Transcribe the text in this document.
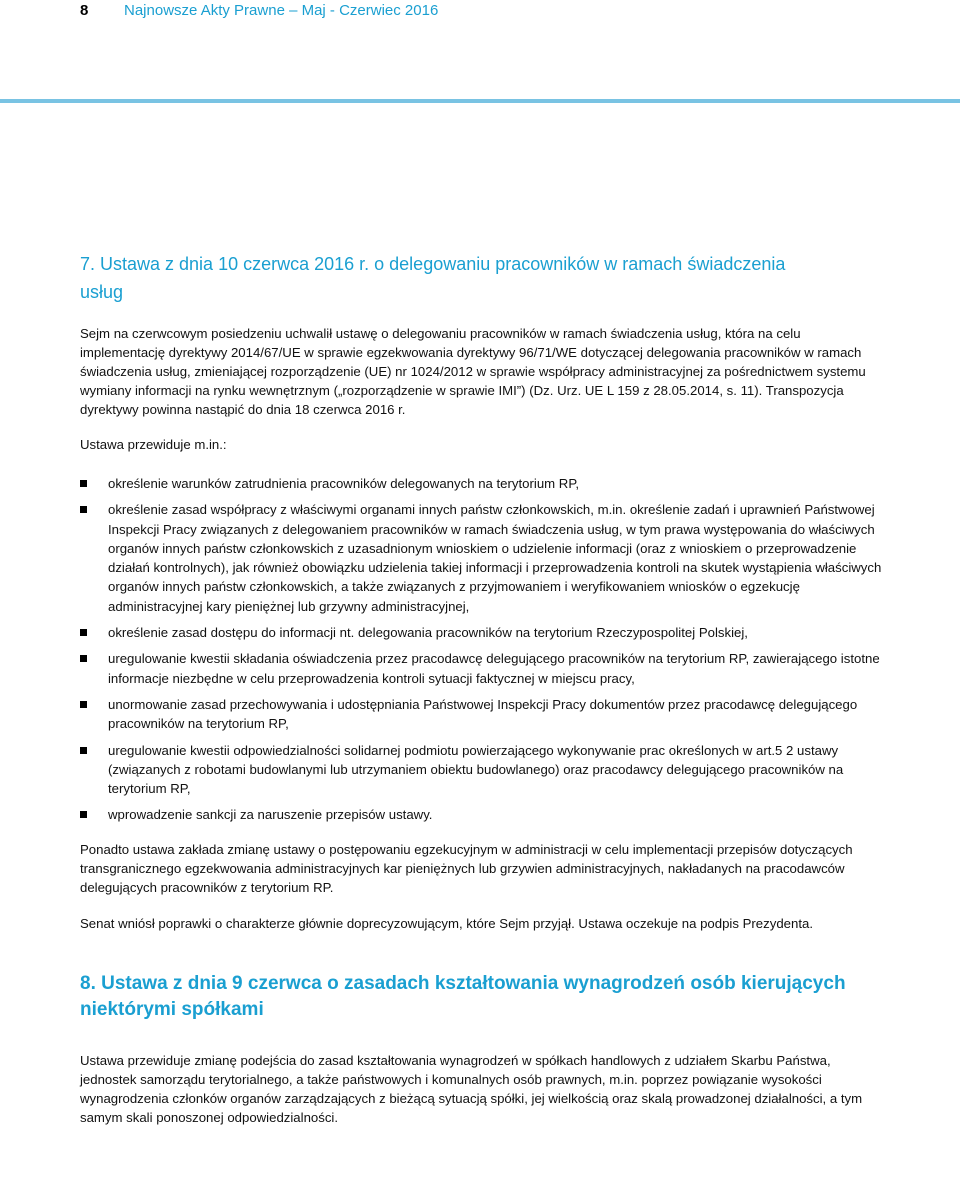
8 Najnowsze Akty Prawne – Maj - Czerwiec 2016
7. Ustawa z dnia 10 czerwca 2016 r. o delegowaniu pracowników w ramach świadczenia usług

Sejm na czerwcowym posiedzeniu uchwalił ustawę o delegowaniu pracowników w ramach świadczenia usług, która na celu implementację dyrektywy 2014/67/UE w sprawie egzekwowania dyrektywy 96/71/WE dotyczącej delegowania pracowników w ramach świadczenia usług, zmieniającej rozporządzenie (UE) nr 1024/2012 w sprawie współpracy administracyjnej za pośrednictwem systemu wymiany informacji na rynku wewnętrznym („rozporządzenie w sprawie IMI”) (Dz. Urz. UE L 159 z 28.05.2014, s. 11). Transpozycja dyrektywy powinna nastąpić do dnia 18 czerwca 2016 r.

Ustawa przewiduje m.in.:

określenie warunków zatrudnienia pracowników delegowanych na terytorium RP,
określenie zasad współpracy z właściwymi organami innych państw członkowskich, m.in. określenie zadań i uprawnień Państwowej Inspekcji Pracy związanych z delegowaniem pracowników w ramach świadczenia usług, w tym prawa występowania do właściwych organów innych państw członkowskich z uzasadnionym wnioskiem o udzielenie informacji (oraz z wnioskiem o przeprowadzenie działań kontrolnych), jak również obowiązku udzielenia takiej informacji i przeprowadzenia kontroli na skutek wystąpienia właściwych organów innych państw członkowskich, a także związanych z przyjmowaniem i weryfikowaniem wniosków o egzekucję administracyjnej kary pieniężnej lub grzywny administracyjnej,
określenie zasad dostępu do informacji nt. delegowania pracowników na terytorium Rzeczypospolitej Polskiej,
uregulowanie kwestii składania oświadczenia przez pracodawcę delegującego pracowników na terytorium RP, zawierającego istotne informacje niezbędne w celu przeprowadzenia kontroli sytuacji faktycznej w miejscu pracy,
unormowanie zasad przechowywania i udostępniania Państwowej Inspekcji Pracy dokumentów przez pracodawcę delegującego pracowników na terytorium RP,
uregulowanie kwestii odpowiedzialności solidarnej podmiotu powierzającego wykonywanie prac określonych w art.5 2 ustawy (związanych z robotami budowlanymi lub utrzymaniem obiektu budowlanego) oraz pracodawcy delegującego pracowników na terytorium RP,
wprowadzenie sankcji za naruszenie przepisów ustawy.

Ponadto ustawa zakłada zmianę ustawy o postępowaniu egzekucyjnym w administracji w celu implementacji przepisów dotyczących transgranicznego egzekwowania administracyjnych kar pieniężnych lub grzywien administracyjnych, nakładanych na pracodawców delegujących pracowników z terytorium RP.

Senat wniósł poprawki o charakterze głównie doprecyzowującym, które Sejm przyjął. Ustawa oczekuje na podpis Prezydenta.

8. Ustawa z dnia 9 czerwca o zasadach kształtowania wynagrodzeń osób kierujących niektórymi spółkami

Ustawa przewiduje zmianę podejścia do zasad kształtowania wynagrodzeń w spółkach handlowych z udziałem Skarbu Państwa, jednostek samorządu terytorialnego, a także państwowych i komunalnych osób prawnych, m.in. poprzez powiązanie wysokości wynagrodzenia członków organów zarządzających z bieżącą sytuacją spółki, jej wielkością oraz skalą prowadzonej działalności, a tym samym skali ponoszonej odpowiedzialności.
